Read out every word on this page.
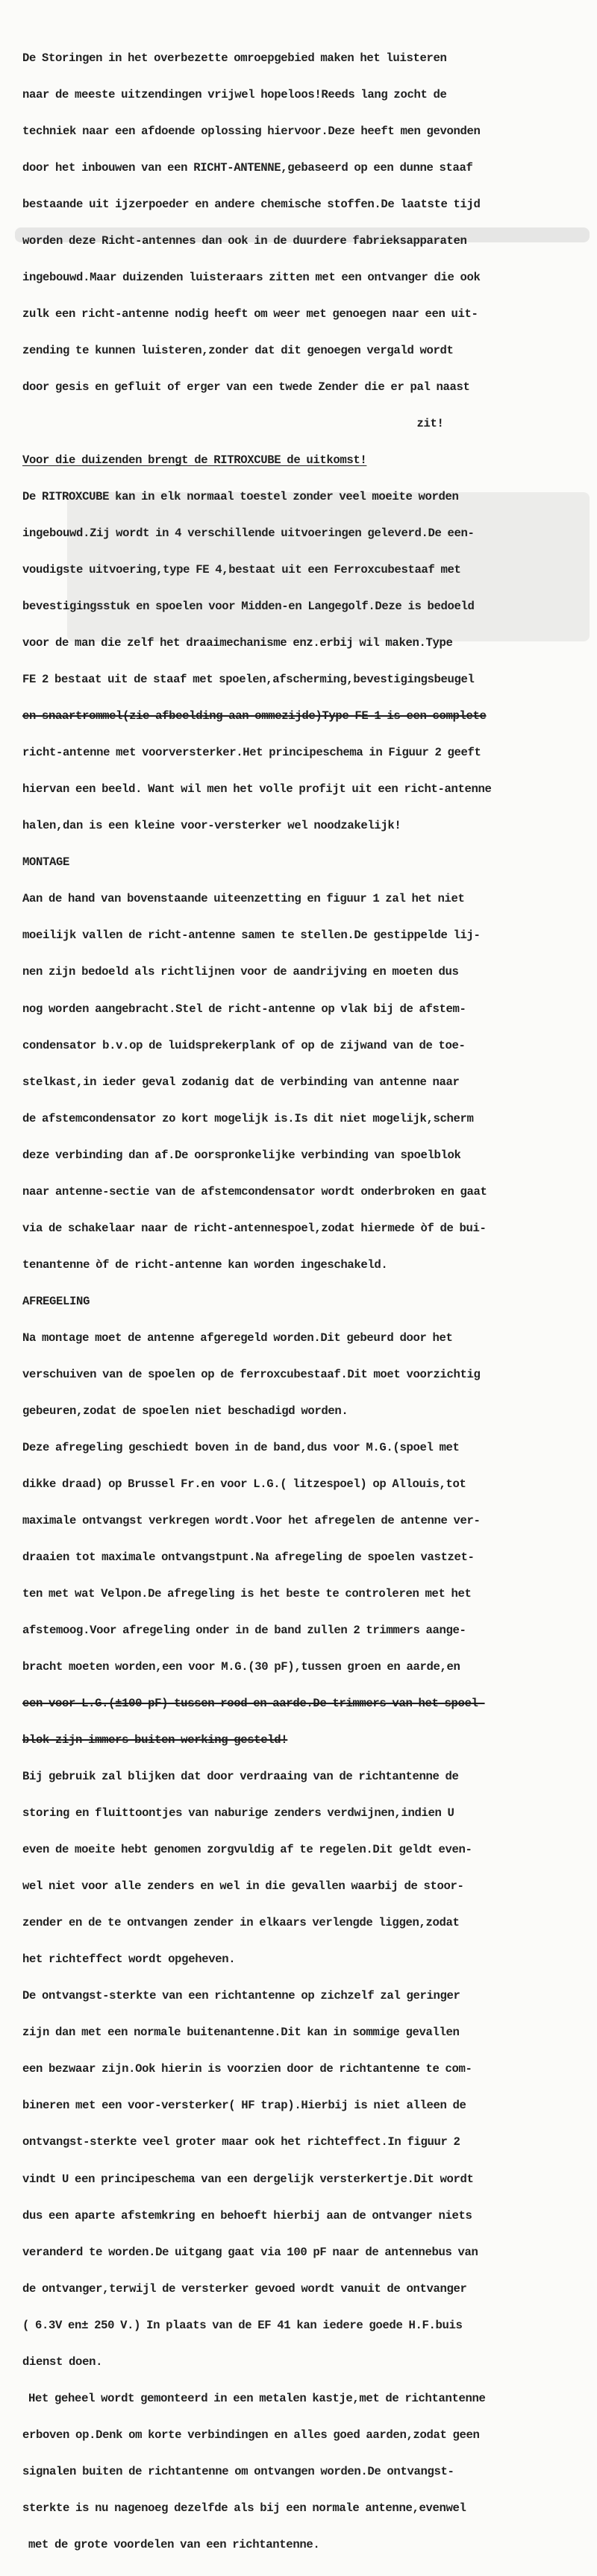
De Storingen in het overbezette omroepgebied maken het luisteren

naar de meeste uitzendingen vrijwel hopeloos!Reeds lang zocht de

techniek naar een afdoende oplossing hiervoor.Deze heeft men gevonden

door het inbouwen van een RICHT-ANTENNE,gebaseerd op een dunne staaf

bestaande uit ijzerpoeder en andere chemische stoffen.De laatste tijd

worden deze Richt-antennes dan ook in de duurdere fabrieksapparaten

ingebouwd.Maar duizenden luisteraars zitten met een ontvanger die ook

zulk een richt-antenne nodig heeft om weer met genoegen naar een uit-

zending te kunnen luisteren,zonder dat dit genoegen vergald wordt

door gesis en gefluit of erger van een twede Zender die er pal naast

zit!

Voor die duizenden brengt de RITROXCUBE de uitkomst!

De RITROXCUBE kan in elk normaal toestel zonder veel moeite worden

ingebouwd.Zij wordt in 4 verschillende uitvoeringen geleverd.De een-

voudigste uitvoering,type FE 4,bestaat uit een Ferroxcubestaaf met

bevestigingsstuk en spoelen voor Midden-en Langegolf.Deze is bedoeld

voor de man die zelf het draaimechanisme enz.erbij wil maken.Type

FE 2 bestaat uit de staaf met spoelen,afscherming,bevestigingsbeugel

en snaartrommel(zie afbeelding aan ommezijde)Type FE 1 is een complete

richt-antenne met voorversterker.Het principeschema in Figuur 2 geeft

hiervan een beeld. Want wil men het volle profijt uit een richt-antenne

halen,dan is een kleine voor-versterker wel noodzakelijk!

MONTAGE

Aan de hand van bovenstaande uiteenzetting en figuur 1 zal het niet

moeilijk vallen de richt-antenne samen te stellen.De gestippelde lij-

nen zijn bedoeld als richtlijnen voor de aandrijving en moeten dus

nog worden aangebracht.Stel de richt-antenne op vlak bij de afstem-

condensator b.v.op de luidsprekerplank of op de zijwand van de toe-

stelkast,in ieder geval zodanig dat de verbinding van antenne naar

de afstemcondensator zo kort mogelijk is.Is dit niet mogelijk,scherm

deze verbinding dan af.De oorspronkelijke verbinding van spoelblok

naar antenne-sectie van de afstemcondensator wordt onderbroken en gaat

via de schakelaar naar de richt-antennespoel,zodat hiermede òf de bui-

tenantenne òf de richt-antenne kan worden ingeschakeld.

AFREGELING

Na montage moet de antenne afgeregeld worden.Dit gebeurd door het

verschuiven van de spoelen op de ferroxcubestaaf.Dit moet voorzichtig

gebeuren,zodat de spoelen niet beschadigd worden.

Deze afregeling geschiedt boven in de band,dus voor M.G.(spoel met

dikke draad) op Brussel Fr.en voor L.G.( litzespoel) op Allouis,tot

maximale ontvangst verkregen wordt.Voor het afregelen de antenne ver-

draaien tot maximale ontvangstpunt.Na afregeling de spoelen vastzet-

ten met wat Velpon.De afregeling is het beste te controleren met het

afstemoog.Voor afregeling onder in de band zullen 2 trimmers aange-

bracht moeten worden,een voor M.G.(30 pF),tussen groen en aarde,en

een voor L.G.(±100 pF) tussen rood en aarde.De trimmers van het spoel-

blok zijn immers buiten werking gesteld!

Bij gebruik zal blijken dat door verdraaing van de richtantenne de

storing en fluittoontjes van naburige zenders verdwijnen,indien U

even de moeite hebt genomen zorgvuldig af te regelen.Dit geldt even-

wel niet voor alle zenders en wel in die gevallen waarbij de stoor-

zender en de te ontvangen zender in elkaars verlengde liggen,zodat

het richteffect wordt opgeheven.

De ontvangst-sterkte van een richtantenne op zichzelf zal geringer

zijn dan met een normale buitenantenne.Dit kan in sommige gevallen

een bezwaar zijn.Ook hierin is voorzien door de richtantenne te com-

bineren met een voor-versterker( HF trap).Hierbij is niet alleen de

ontvangst-sterkte veel groter maar ook het richteffect.In figuur 2

vindt U een principeschema van een dergelijk versterkertje.Dit wordt

dus een aparte afstemkring en behoeft hierbij aan de ontvanger niets

veranderd te worden.De uitgang gaat via 100 pF naar de antennebus van

de ontvanger,terwijl de versterker gevoed wordt vanuit de ontvanger

( 6.3V en± 250 V.) In plaats van de EF 41 kan iedere goede H.F.buis

dienst doen.

Het geheel wordt gemonteerd in een metalen kastje,met de richtantenne

erboven op.Denk om korte verbindingen en alles goed aarden,zodat geen

signalen buiten de richtantenne om ontvangen worden.De ontvangst-

sterkte is nu nagenoeg dezelfde als bij een normale antenne,evenwel

met de grote voordelen van een richtantenne.
